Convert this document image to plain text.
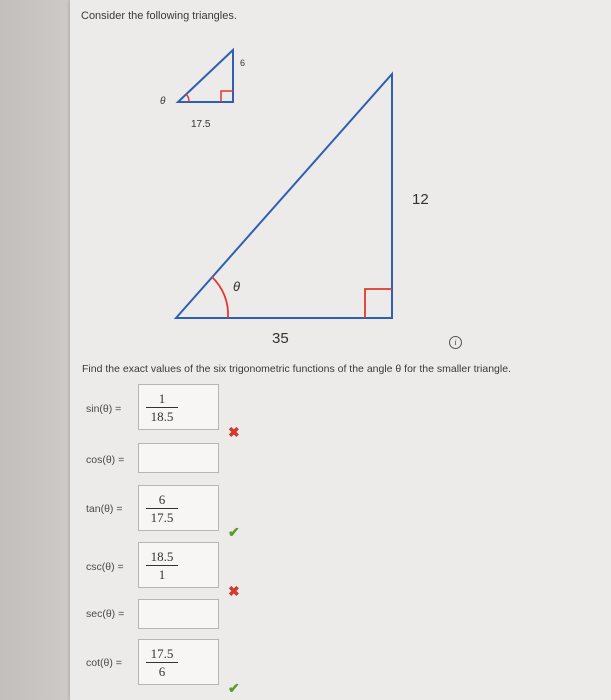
Consider the following triangles.
6
θ
17.5
12
θ
35	i
Find the exact values of the six trigonometric functions of the angle θ for the smaller triangle.
sin(θ) =
1
18.5
✖
cos(θ) =
tan(θ) =
6
17.5
✔
csc(θ) =
18.5
1
✖
sec(θ) =
cot(θ) =
17.5
6
✔
